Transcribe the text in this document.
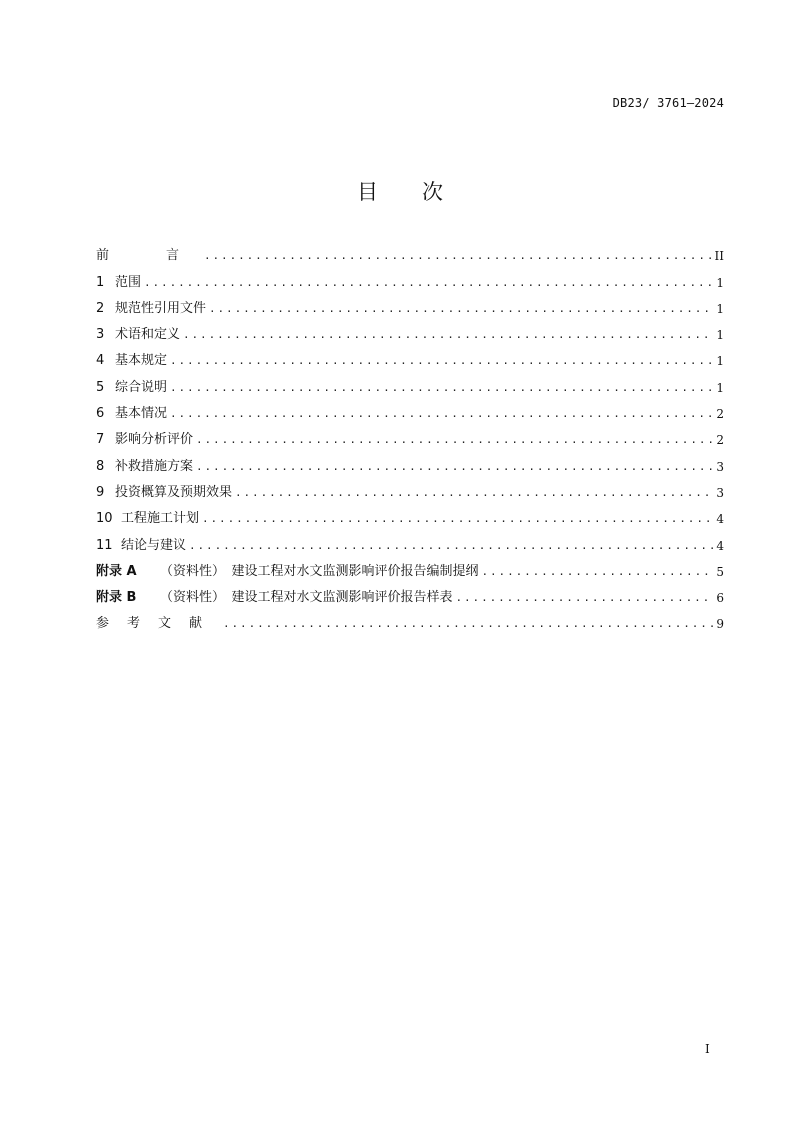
DB23/ 3761—2024
目 次
前　言 .....	II
1 范围 .....	1
2 规范性引用文件 .....	1
3 术语和定义 .....	1
4 基本规定 .....	1
5 综合说明 .....	1
6 基本情况 .....	2
7 影响分析评价 .....	2
8 补救措施方案 .....	3
9 投资概算及预期效果 .....	3
10 工程施工计划 .....	4
11 结论与建议 .....	4
附录 A	（资料性）　建设工程对水文监测影响评价报告编制提纲 .....	5
附录 B	（资料性）　建设工程对水文监测影响评价报告样表 .....	6
参考文献 .....	9
I
